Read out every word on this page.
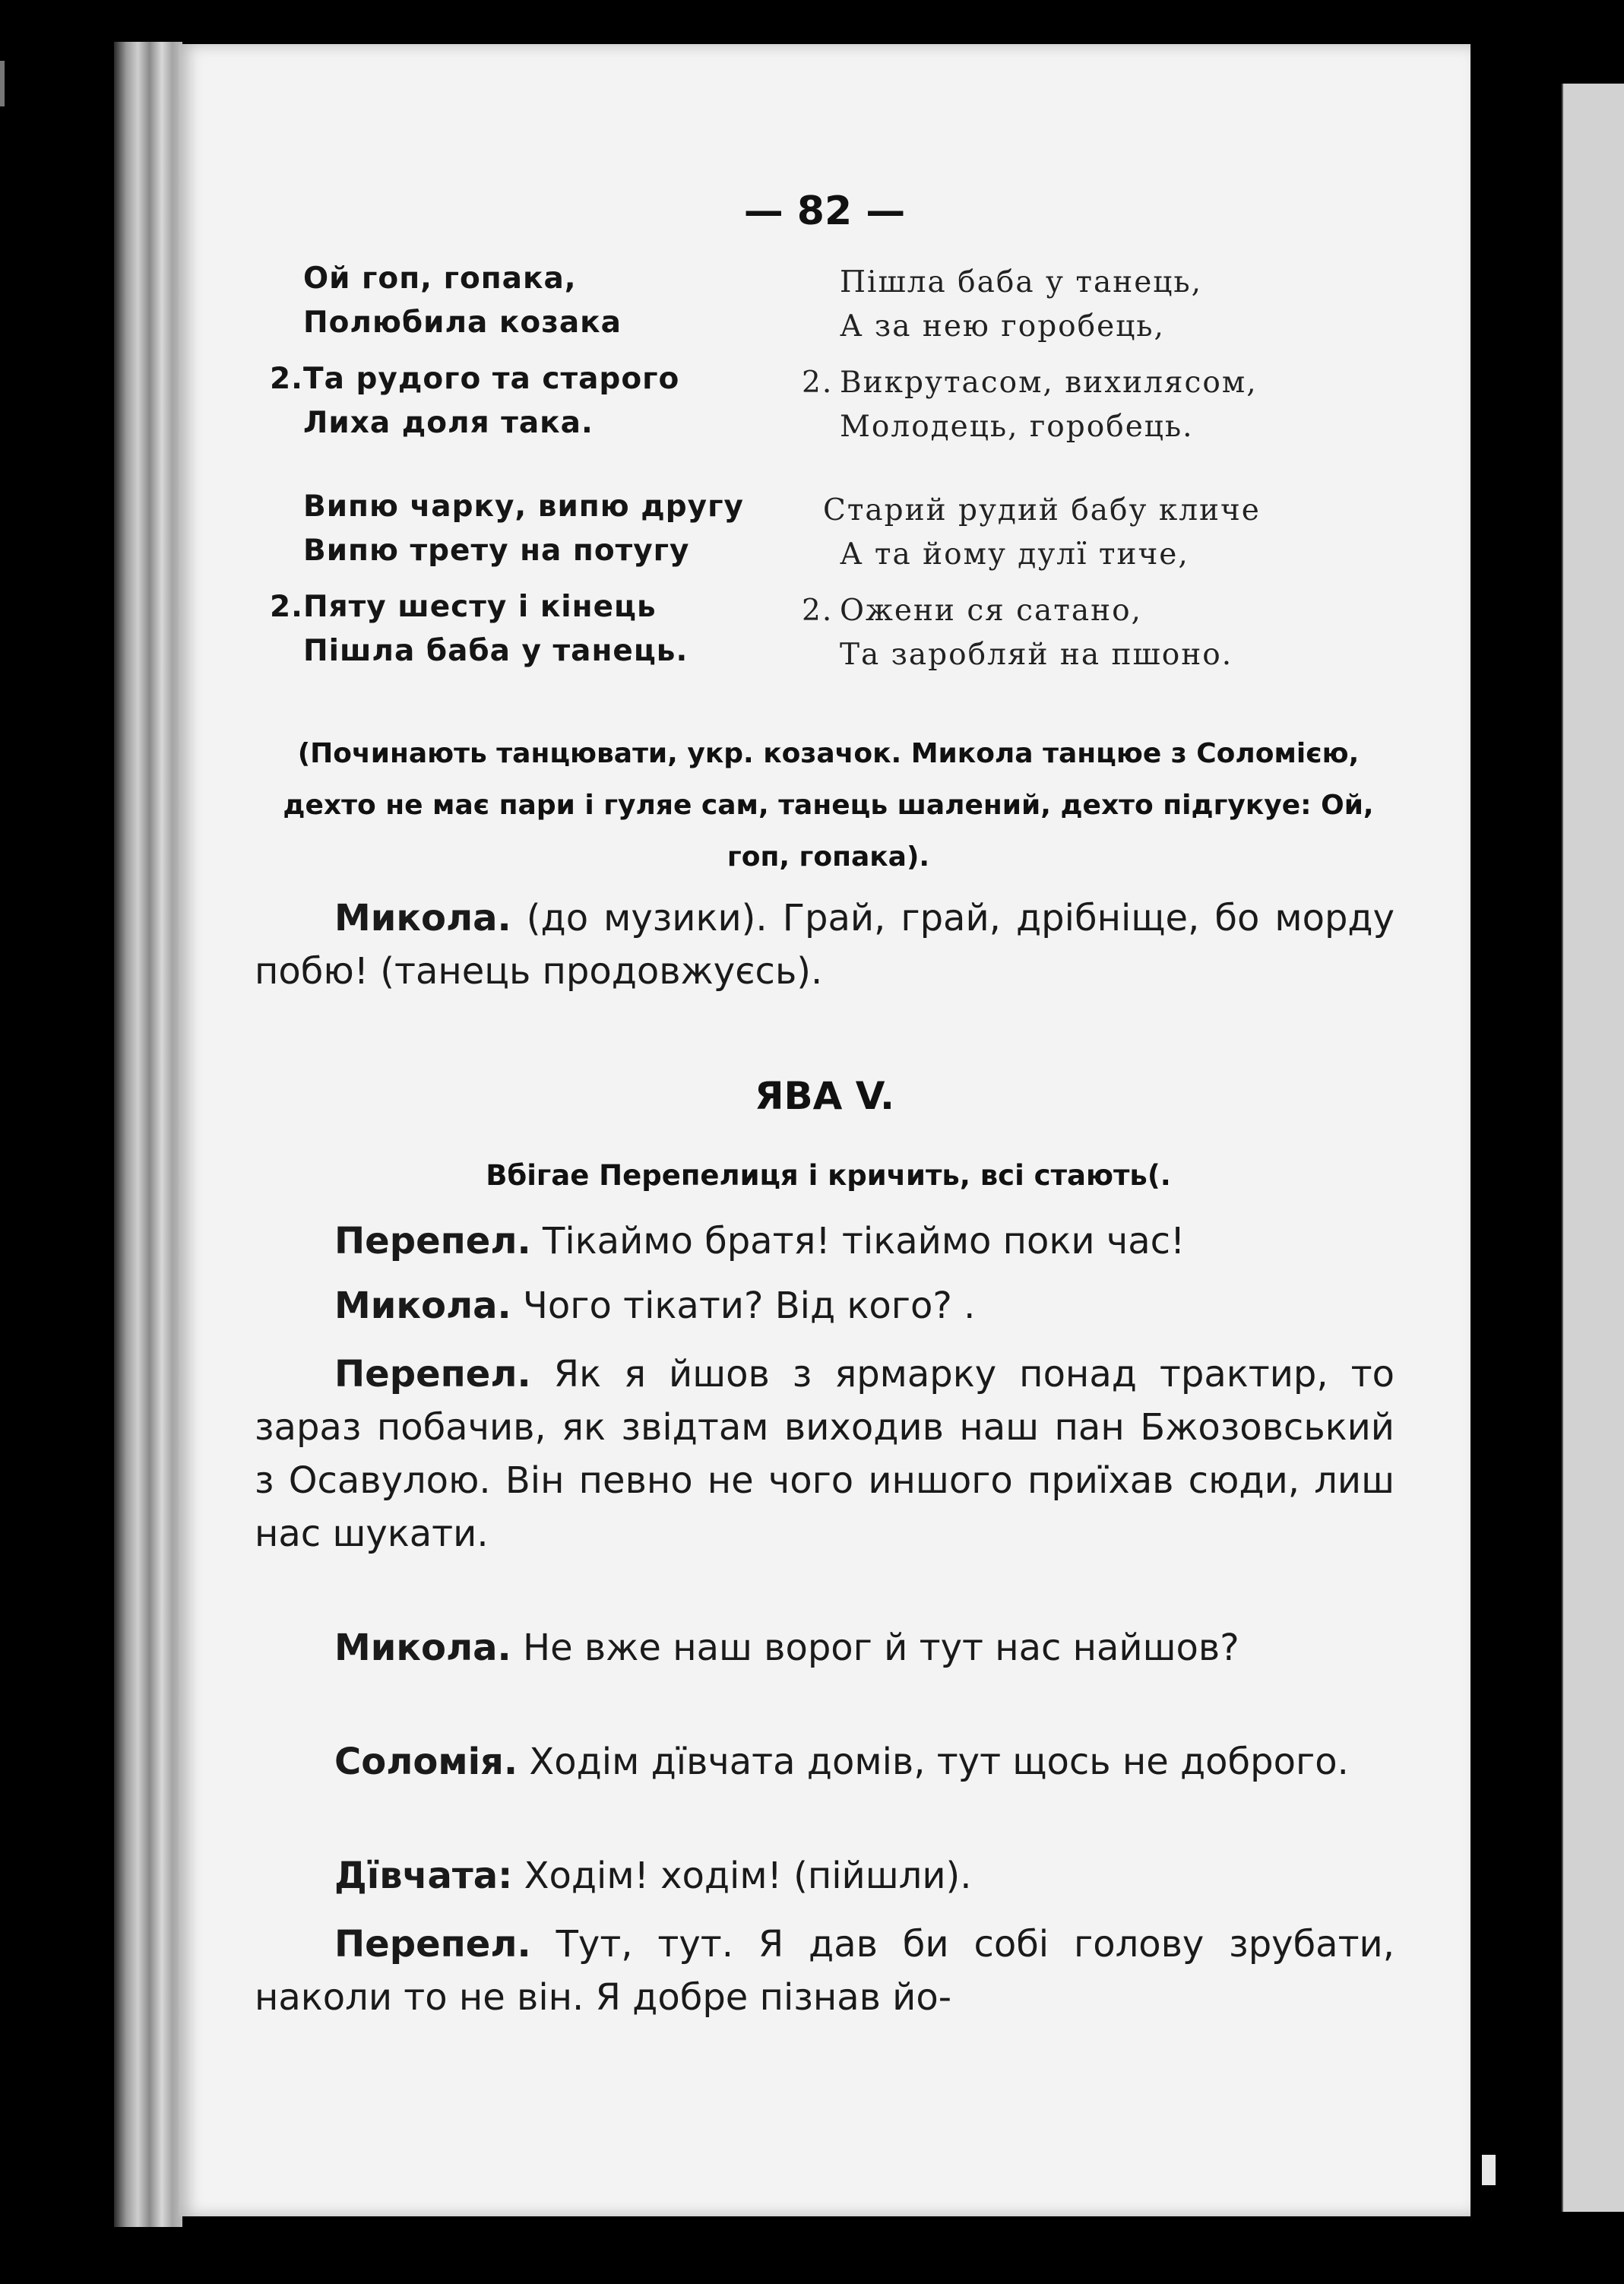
— 82 —
Ой гоп, гопака,
Полюбила козака
2.Та рудого та старого
Лиха доля така.
Пішла баба у танець,
А за нею горобець,
2. Викрутасом, вихилясом,
Молодець, горобець.
Випю чарку, випю другу
Випю трету на потугу
2.Пяту шесту і кінець
Пішла баба у танець.
Старий рудий бабу кличе
А та йому дулї тиче,
2. Ожени ся сатано,
Та заробляй на пшоно.
(Починають танцювати, укр. козачок. Микола танцюе з Соломією, дехто не має пари і гуляе сам, танець шалений, дехто підгукуе: Ой, гоп, гопака).
Микола. (до музики). Грай, грай, дрібніще, бо морду побю! (танець продовжуєсь).
ЯВА V.
Вбігае Перепелиця і кричить, всі стають(.
Перепел. Тікаймо братя! тікаймо поки час!
Микола. Чого тікати? Від кого? .
Перепел. Як я йшов з ярмарку понад трактир, то зараз побачив, як звідтам виходив наш пан Бжозовський з Осавулою. Він певно не чого иншого приїхав сюди, лиш нас шукати.
Микола. Не вже наш ворог й тут нас найшов?
Соломія. Ходім дївчата домів, тут щось не доброго.
Дївчата: Ходім! ходім! (пійшли).
Перепел. Тут, тут. Я дав би собі голову зрубати, наколи то не він. Я добре пізнав йо-
